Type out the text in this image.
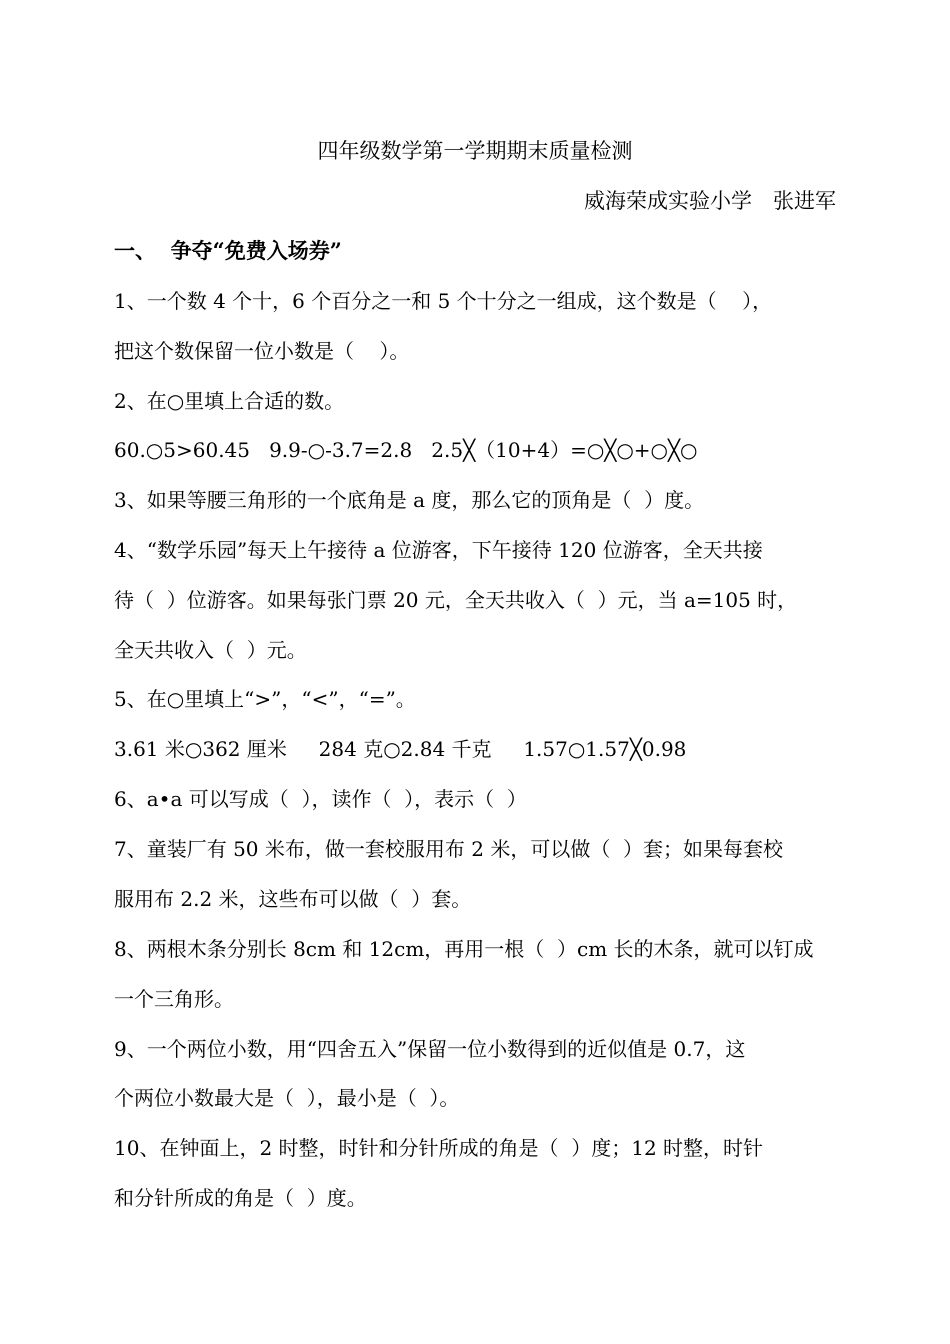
四年级数学第一学期期末质量检测
威海荣成实验小学　张进军
一、  争夺“免费入场券”
1、一个数 4 个十，6 个百分之一和 5 个十分之一组成，这个数是（    ），
把这个数保留一位小数是（    ）。
2、在○里填上合适的数。
60.○5>60.45   9.9-○-3.7=2.8   2.5╳（10+4）=○╳○+○╳○
3、如果等腰三角形的一个底角是 a 度，那么它的顶角是（  ）度。
4、“数学乐园”每天上午接待 a 位游客，下午接待 120 位游客，全天共接
待（  ）位游客。如果每张门票 20 元，全天共收入（  ）元，当 a=105 时，
全天共收入（  ）元。
5、在○里填上“>”，“<”，“=”。
3.61 米○362 厘米     284 克○2.84 千克     1.57○1.57╳0.98
6、a•a 可以写成（  ），读作（  ），表示（  ）
7、童装厂有 50 米布，做一套校服用布 2 米，可以做（  ）套；如果每套校
服用布 2.2 米，这些布可以做（  ）套。
8、两根木条分别长 8cm 和 12cm，再用一根（  ）cm 长的木条，就可以钉成
一个三角形。
9、一个两位小数，用“四舍五入”保留一位小数得到的近似值是 0.7，这
个两位小数最大是（  ），最小是（  ）。
10、在钟面上，2 时整，时针和分针所成的角是（  ）度；12 时整，时针
和分针所成的角是（  ）度。
